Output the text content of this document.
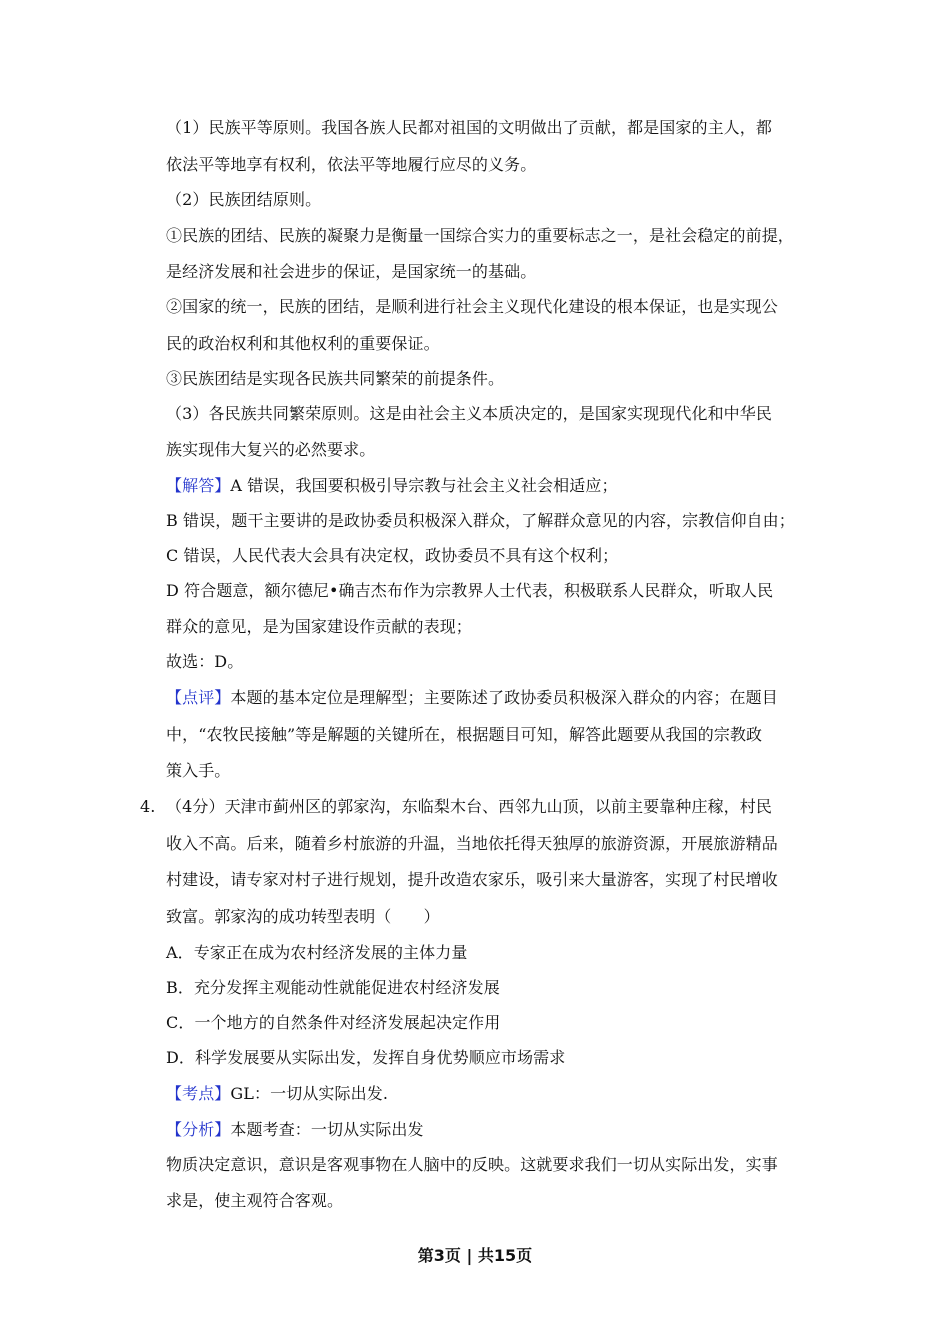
（1）民族平等原则。我国各族人民都对祖国的文明做出了贡献，都是国家的主人，都
依法平等地享有权利，依法平等地履行应尽的义务。
（2）民族团结原则。
①民族的团结、民族的凝聚力是衡量一国综合实力的重要标志之一，是社会稳定的前提，
是经济发展和社会进步的保证，是国家统一的基础。
②国家的统一，民族的团结，是顺利进行社会主义现代化建设的根本保证，也是实现公
民的政治权利和其他权利的重要保证。
③民族团结是实现各民族共同繁荣的前提条件。
（3）各民族共同繁荣原则。这是由社会主义本质决定的，是国家实现现代化和中华民
族实现伟大复兴的必然要求。
【解答】A 错误，我国要积极引导宗教与社会主义社会相适应；
B 错误，题干主要讲的是政协委员积极深入群众，了解群众意见的内容，宗教信仰自由；
C 错误，人民代表大会具有决定权，政协委员不具有这个权利；
D 符合题意，额尔德尼•确吉杰布作为宗教界人士代表，积极联系人民群众，听取人民
群众的意见，是为国家建设作贡献的表现；
故选：D。
【点评】本题的基本定位是理解型；主要陈述了政协委员积极深入群众的内容；在题目
中，“农牧民接触”等是解题的关键所在，根据题目可知，解答此题要从我国的宗教政
策入手。
4. （4分）天津市蓟州区的郭家沟，东临梨木台、西邻九山顶，以前主要靠种庄稼，村民
收入不高。后来，随着乡村旅游的升温，当地依托得天独厚的旅游资源，开展旅游精品
村建设，请专家对村子进行规划，提升改造农家乐，吸引来大量游客，实现了村民增收
致富。郭家沟的成功转型表明（　　）
A．专家正在成为农村经济发展的主体力量
B．充分发挥主观能动性就能促进农村经济发展
C．一个地方的自然条件对经济发展起决定作用
D．科学发展要从实际出发，发挥自身优势顺应市场需求
【考点】GL：一切从实际出发.
【分析】本题考查：一切从实际出发
物质决定意识，意识是客观事物在人脑中的反映。这就要求我们一切从实际出发，实事
求是，使主观符合客观。
第3页 | 共15页
